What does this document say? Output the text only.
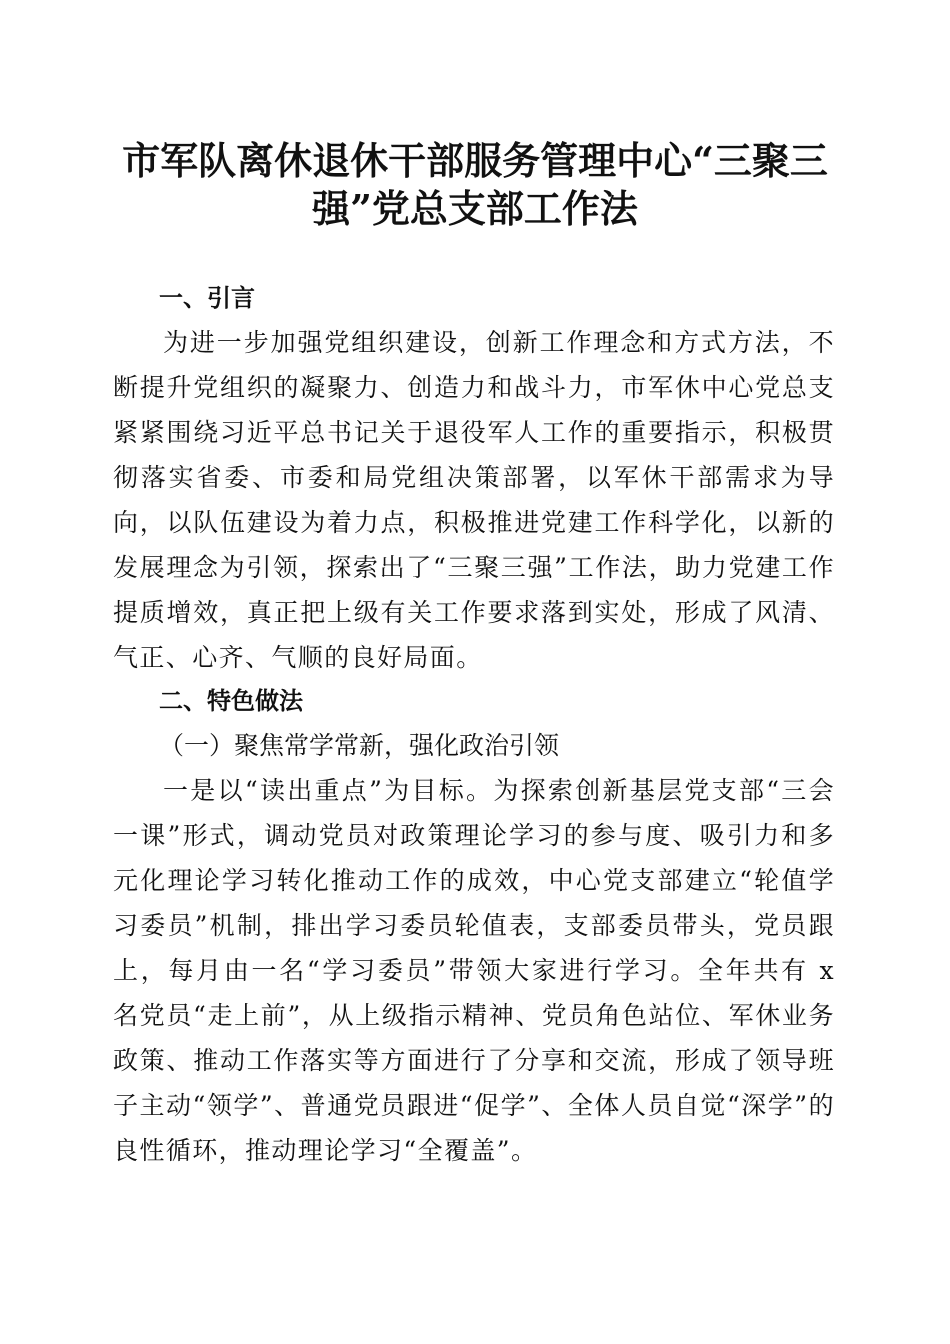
市军队离休退休干部服务管理中心“三聚三
强”党总支部工作法
一、引言

为进一步加强党组织建设，创新工作理念和方式方法，不断提升党组织的凝聚力、创造力和战斗力，市军休中心党总支紧紧围绕习近平总书记关于退役军人工作的重要指示，积极贯彻落实省委、市委和局党组决策部署，以军休干部需求为导向，以队伍建设为着力点，积极推进党建工作科学化，以新的发展理念为引领，探索出了“三聚三强”工作法，助力党建工作提质增效，真正把上级有关工作要求落到实处，形成了风清、气正、心齐、气顺的良好局面。

二、特色做法
（一）聚焦常学常新，强化政治引领

一是以“读出重点”为目标。为探索创新基层党支部“三会一课”形式，调动党员对政策理论学习的参与度、吸引力和多元化理论学习转化推动工作的成效，中心党支部建立“轮值学习委员”机制，排出学习委员轮值表，支部委员带头，党员跟上，每月由一名“学习委员”带领大家进行学习。全年共有 x 名党员“走上前”，从上级指示精神、党员角色站位、军休业务政策、推动工作落实等方面进行了分享和交流，形成了领导班子主动“领学”、普通党员跟进“促学”、全体人员自觉“深学”的良性循环，推动理论学习“全覆盖”。
